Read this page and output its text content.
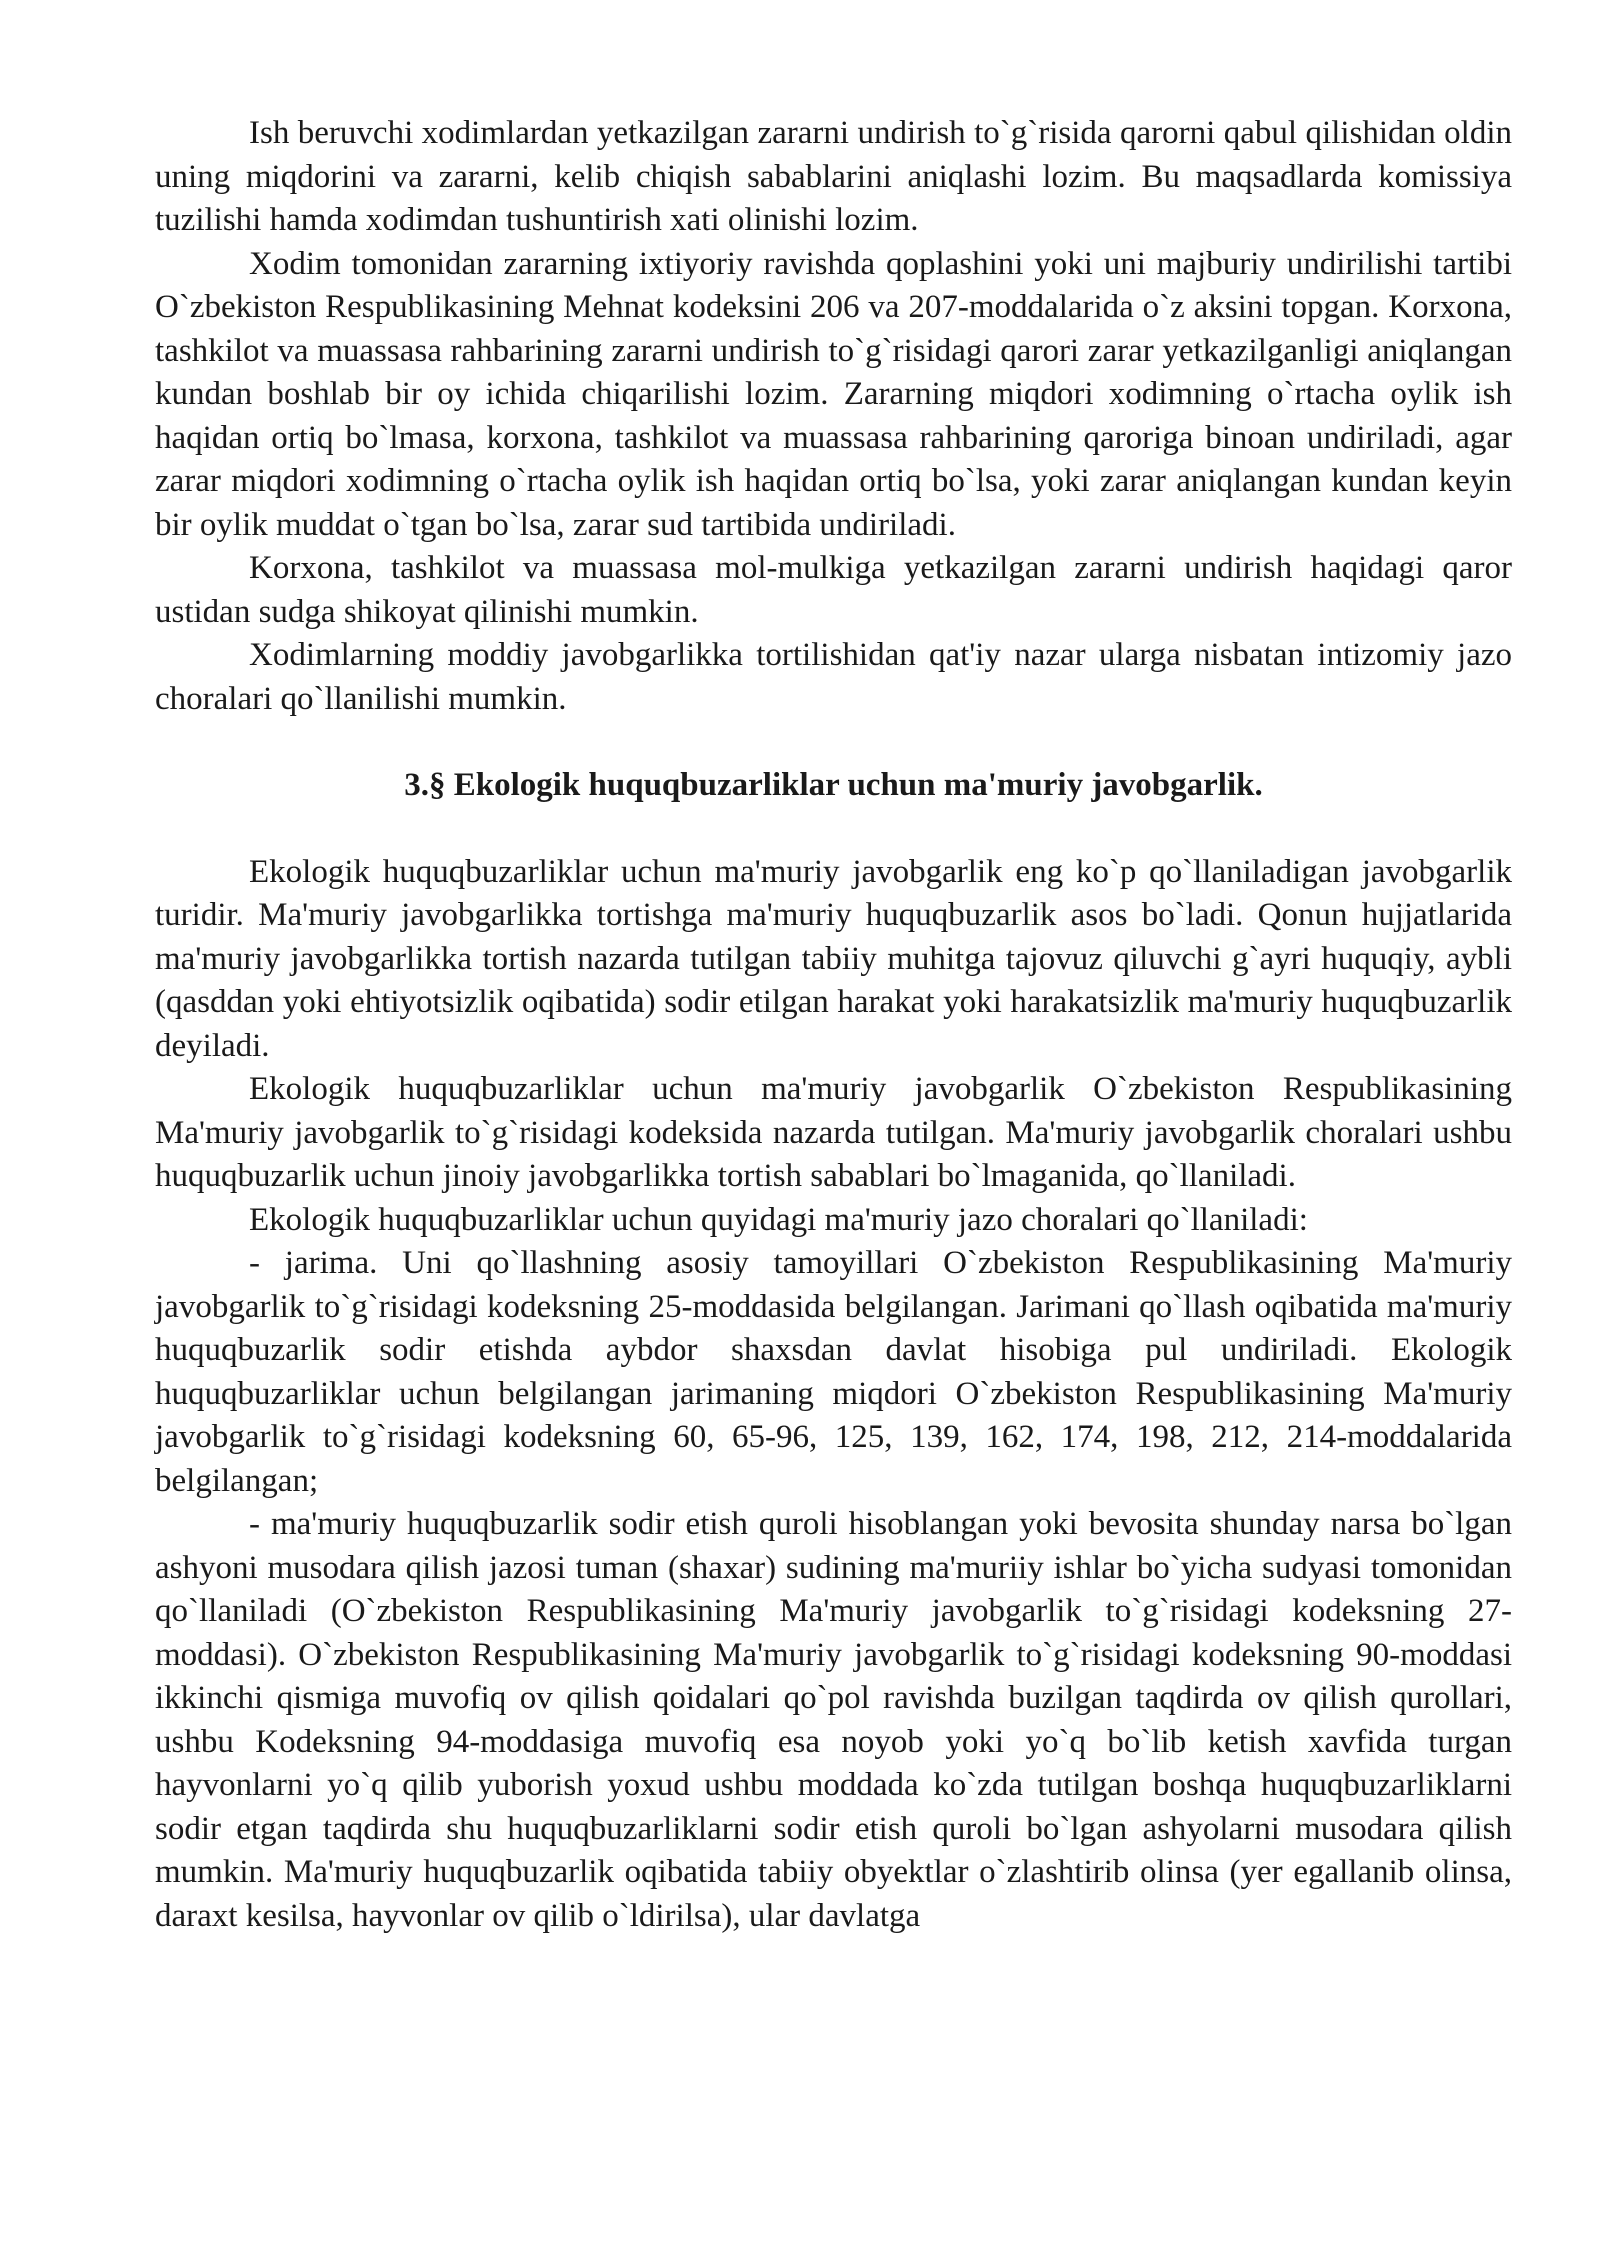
Ish beruvchi xodimlardan yetkazilgan zararni undirish to`g`risida qarorni qabul qilishidan oldin uning miqdorini va zararni, kelib chiqish sabablarini aniqlashi lozim. Bu maqsadlarda komissiya tuzilishi hamda xodimdan tushuntirish xati olinishi lozim.

Xodim tomonidan zararning ixtiyoriy ravishda qoplashini yoki uni majburiy undirilishi tartibi O`zbekiston Respublikasining Mehnat kodeksini 206 va 207-moddalarida o`z aksini topgan. Korxona, tashkilot va muassasa rahbarining zararni undirish to`g`risidagi qarori zarar yetkazilganligi aniqlangan kundan boshlab bir oy ichida chiqarilishi lozim. Zararning miqdori xodimning o`rtacha oylik ish haqidan ortiq bo`lmasa, korxona, tashkilot va muassasa rahbarining qaroriga binoan undiriladi, agar zarar miqdori xodimning o`rtacha oylik ish haqidan ortiq bo`lsa, yoki zarar aniqlangan kundan keyin bir oylik muddat o`tgan bo`lsa, zarar sud tartibida undiriladi.

Korxona, tashkilot va muassasa mol-mulkiga yetkazilgan zararni undirish haqidagi qaror ustidan sudga shikoyat qilinishi mumkin.

Xodimlarning moddiy javobgarlikka tortilishidan qat'iy nazar ularga nisbatan intizomiy jazo choralari qo`llanilishi mumkin.

3.§ Ekologik huquqbuzarliklar uchun ma'muriy javobgarlik.

Ekologik huquqbuzarliklar uchun ma'muriy javobgarlik eng ko`p qo`llaniladigan javobgarlik turidir. Ma'muriy javobgarlikka tortishga ma'muriy huquqbuzarlik asos bo`ladi. Qonun hujjatlarida ma'muriy javobgarlikka tortish nazarda tutilgan tabiiy muhitga tajovuz qiluvchi g`ayri huquqiy, aybli (qasddan yoki ehtiyotsizlik oqibatida) sodir etilgan harakat yoki harakatsizlik ma'muriy huquqbuzarlik deyiladi.

Ekologik huquqbuzarliklar uchun ma'muriy javobgarlik O`zbekiston Respublikasining Ma'muriy javobgarlik to`g`risidagi kodeksida nazarda tutilgan. Ma'muriy javobgarlik choralari ushbu huquqbuzarlik uchun jinoiy javobgarlikka tortish sabablari bo`lmaganida, qo`llaniladi.

Ekologik huquqbuzarliklar uchun quyidagi ma'muriy jazo choralari qo`llaniladi:

- jarima. Uni qo`llashning asosiy tamoyillari O`zbekiston Respublikasining Ma'muriy javobgarlik to`g`risidagi kodeksning 25-moddasida belgilangan. Jarimani qo`llash oqibatida ma'muriy huquqbuzarlik sodir etishda aybdor shaxsdan davlat hisobiga pul undiriladi. Ekologik huquqbuzarliklar uchun belgilangan jarimaning miqdori O`zbekiston Respublikasining Ma'muriy javobgarlik to`g`risidagi kodeksning 60, 65-96, 125, 139, 162, 174, 198, 212, 214-moddalarida belgilangan;

- ma'muriy huquqbuzarlik sodir etish quroli hisoblangan yoki bevosita shunday narsa bo`lgan ashyoni musodara qilish jazosi tuman (shaxar) sudining ma'muriiy ishlar bo`yicha sudyasi tomonidan qo`llaniladi (O`zbekiston Respublikasining Ma'muriy javobgarlik to`g`risidagi kodeksning 27-moddasi). O`zbekiston Respublikasining Ma'muriy javobgarlik to`g`risidagi kodeksning 90-moddasi ikkinchi qismiga muvofiq ov qilish qoidalari qo`pol ravishda buzilgan taqdirda ov qilish qurollari, ushbu Kodeksning 94-moddasiga muvofiq esa noyob yoki yo`q bo`lib ketish xavfida turgan hayvonlarni yo`q qilib yuborish yoxud ushbu moddada ko`zda tutilgan boshqa huquqbuzarliklarni sodir etgan taqdirda shu huquqbuzarliklarni sodir etish quroli bo`lgan ashyolarni musodara qilish mumkin. Ma'muriy huquqbuzarlik oqibatida tabiiy obyektlar o`zlashtirib olinsa (yer egallanib olinsa, daraxt kesilsa, hayvonlar ov qilib o`ldirilsa), ular davlatga
